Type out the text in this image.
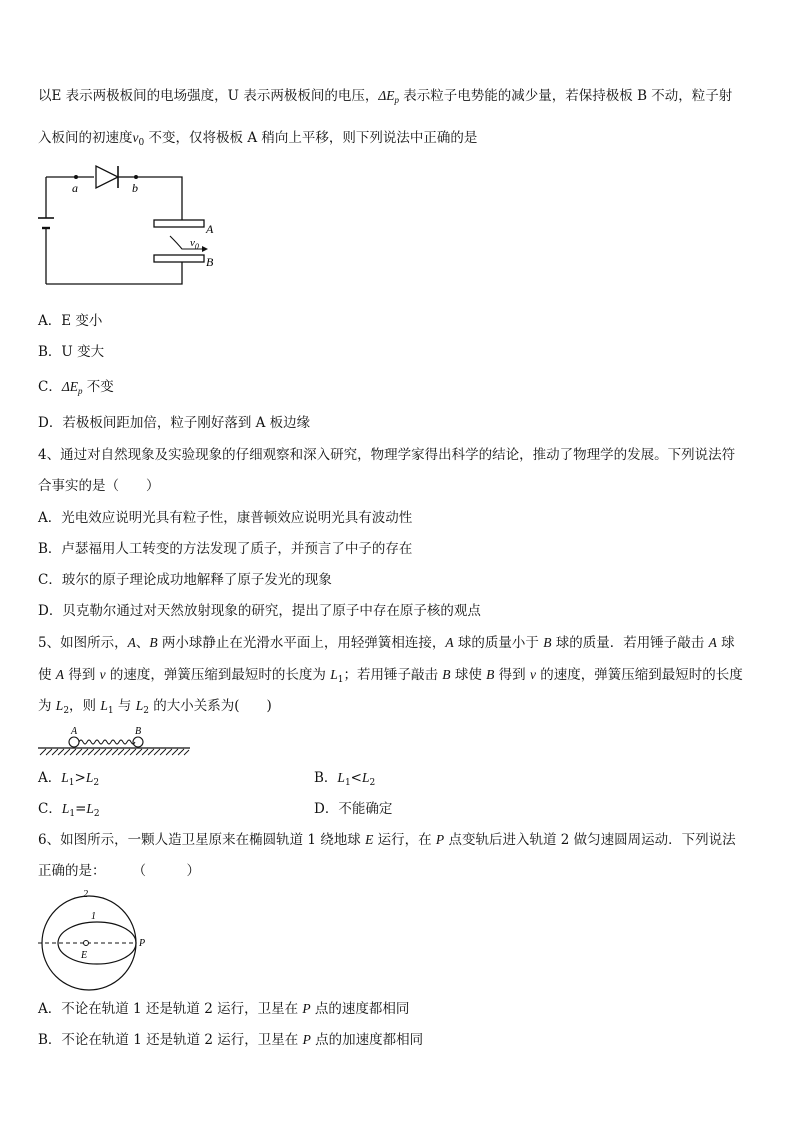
以E 表示两极板间的电场强度，U 表示两极板间的电压，$\Delta E_p$ 表示粒子电势能的减少量，若保持极板 B 不动，粒子射
入板间的初速度$v_0$ 不变，仅将极板 A 稍向上平移，则下列说法中正确的是
a	b
A
B
$v_0$
A．E 变小
B．U 变大
C．$\Delta E_p$ 不变
D．若极板间距加倍，粒子刚好落到 A 板边缘
4、通过对自然现象及实验现象的仔细观察和深入研究，物理学家得出科学的结论，推动了物理学的发展。下列说法符
合事实的是（　　）
A．光电效应说明光具有粒子性，康普顿效应说明光具有波动性
B．卢瑟福用人工转变的方法发现了质子，并预言了中子的存在
C．玻尔的原子理论成功地解释了原子发光的现象
D．贝克勒尔通过对天然放射现象的研究，提出了原子中存在原子核的观点
5、如图所示，A、B 两小球静止在光滑水平面上，用轻弹簧相连接，A 球的质量小于 B 球的质量．若用锤子敲击 A 球
使 A 得到 v 的速度，弹簧压缩到最短时的长度为 $L_1$；若用锤子敲击 B 球使 B 得到 v 的速度，弹簧压缩到最短时的长度
为 $L_2$，则 $L_1$ 与 $L_2$ 的大小关系为(　　)
A	B
A．$L_1>L_2$	B．$L_1<L_2$
C．$L_1=L_2$	D．不能确定
6、如图所示，一颗人造卫星原来在椭圆轨道 1 绕地球 E 运行，在 P 点变轨后进入轨道 2 做匀速圆周运动．下列说法
正确的是：　　　（　　　）
2
1
E
P
A．不论在轨道 1 还是轨道 2 运行，卫星在 P 点的速度都相同
B．不论在轨道 1 还是轨道 2 运行，卫星在 P 点的加速度都相同
